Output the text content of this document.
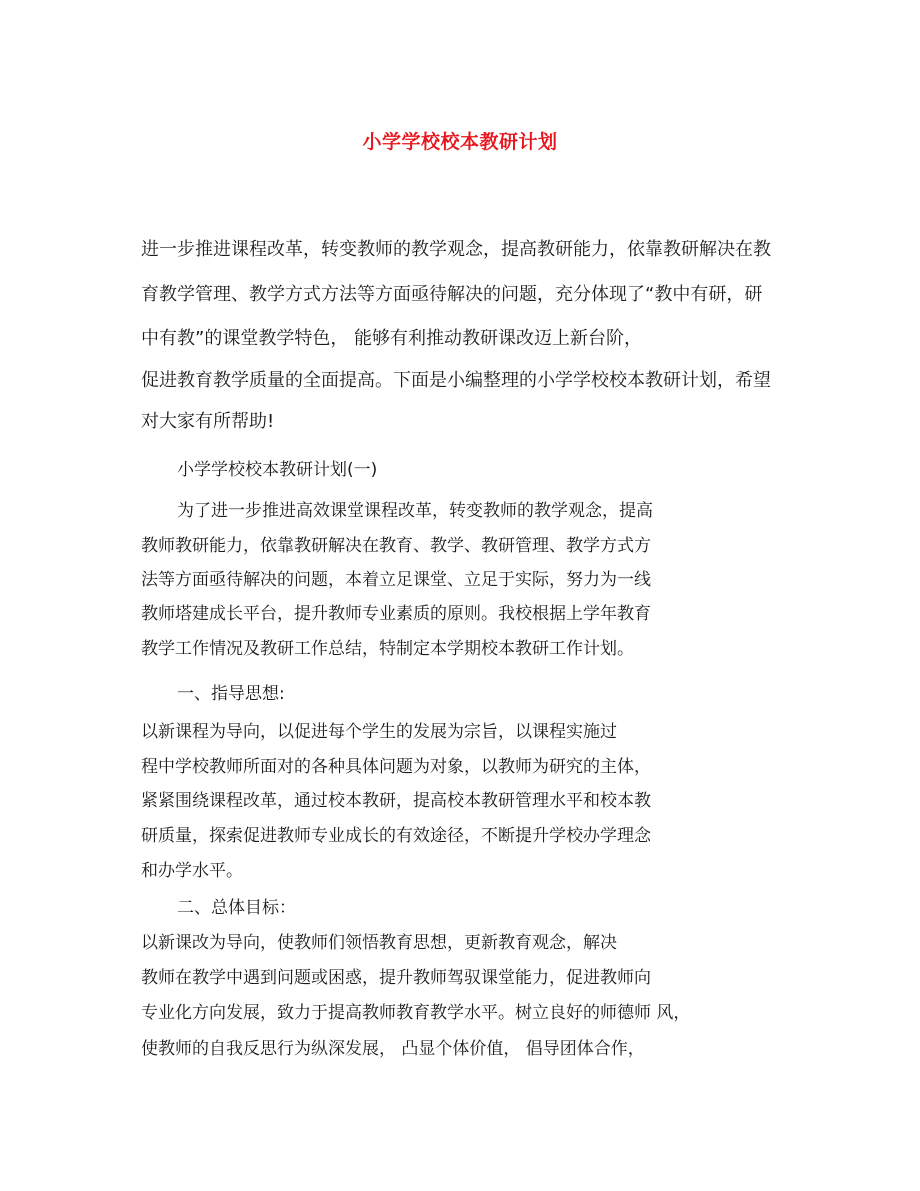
小学学校校本教研计划
进一步推进课程改革，转变教师的教学观念，提高教研能力，依靠教研解决在教
育教学管理、教学方式方法等方面亟待解决的问题，充分体现了“教中有研，研
中有教”的课堂教学特色， 能够有利推动教研课改迈上新台阶，
促进教育教学质量的全面提高。下面是小编整理的小学学校校本教研计划，希望
对大家有所帮助!
小学学校校本教研计划(一)
为了进一步推进高效课堂课程改革，转变教师的教学观念，提高
教师教研能力，依靠教研解决在教育、教学、教研管理、教学方式方
法等方面亟待解决的问题，本着立足课堂、立足于实际，努力为一线
教师塔建成长平台，提升教师专业素质的原则。我校根据上学年教育
教学工作情况及教研工作总结，特制定本学期校本教研工作计划。
一、指导思想:
以新课程为导向，以促进每个学生的发展为宗旨，以课程实施过
程中学校教师所面对的各种具体问题为对象，以教师为研究的主体，
紧紧围绕课程改革，通过校本教研，提高校本教研管理水平和校本教
研质量，探索促进教师专业成长的有效途径，不断提升学校办学理念
和办学水平。
二、总体目标：
以新课改为导向，使教师们领悟教育思想，更新教育观念，解决
教师在教学中遇到问题或困惑，提升教师驾驭课堂能力，促进教师向
专业化方向发展，致力于提高教师教育教学水平。树立良好的师德师 风，
使教师的自我反思行为纵深发展， 凸显个体价值， 倡导团体合作，
